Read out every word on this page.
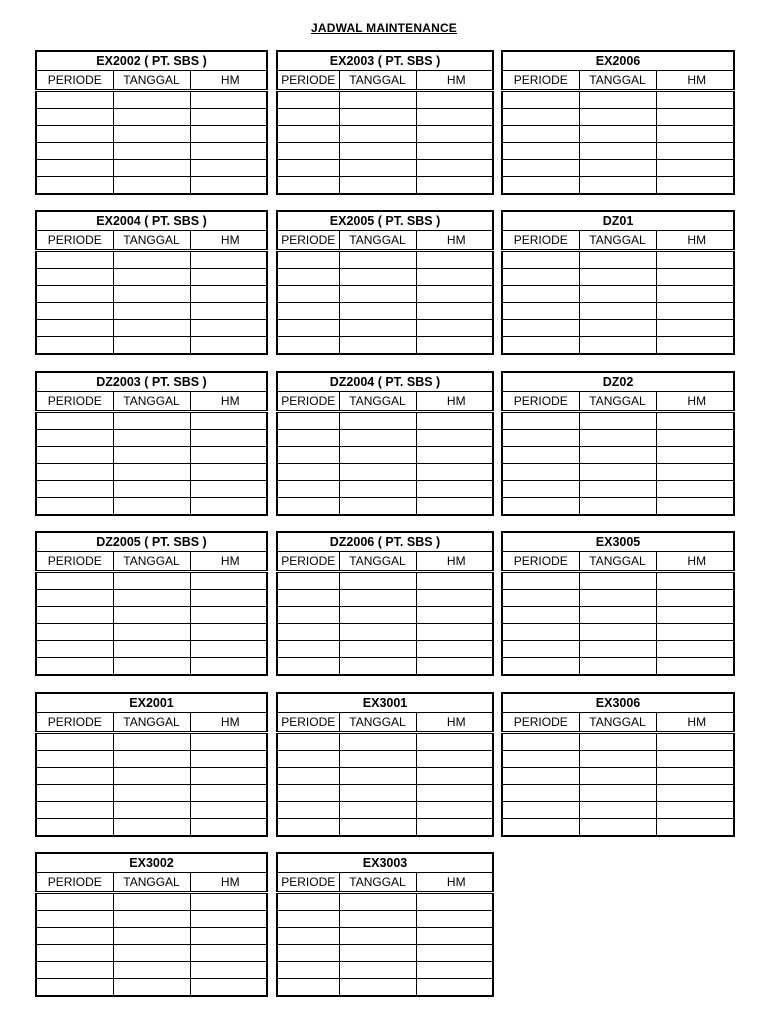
JADWAL MAINTENANCE
EX2002 ( PT. SBS )		
PERIODE	TANGGAL	HM

EX2003 ( PT. SBS )		
PERIODE	TANGGAL	HM

EX2006		
PERIODE	TANGGAL	HM

EX2004 ( PT. SBS )		
PERIODE	TANGGAL	HM

EX2005 ( PT. SBS )		
PERIODE	TANGGAL	HM

DZ01		
PERIODE	TANGGAL	HM

DZ2003 ( PT. SBS )		
PERIODE	TANGGAL	HM

DZ2004 ( PT. SBS )		
PERIODE	TANGGAL	HM

DZ02		
PERIODE	TANGGAL	HM

DZ2005 ( PT. SBS )		
PERIODE	TANGGAL	HM

DZ2006 ( PT. SBS )		
PERIODE	TANGGAL	HM

EX3005		
PERIODE	TANGGAL	HM

EX2001		
PERIODE	TANGGAL	HM

EX3001		
PERIODE	TANGGAL	HM

EX3006		
PERIODE	TANGGAL	HM

EX3002		
PERIODE	TANGGAL	HM

EX3003		
PERIODE	TANGGAL	HM
